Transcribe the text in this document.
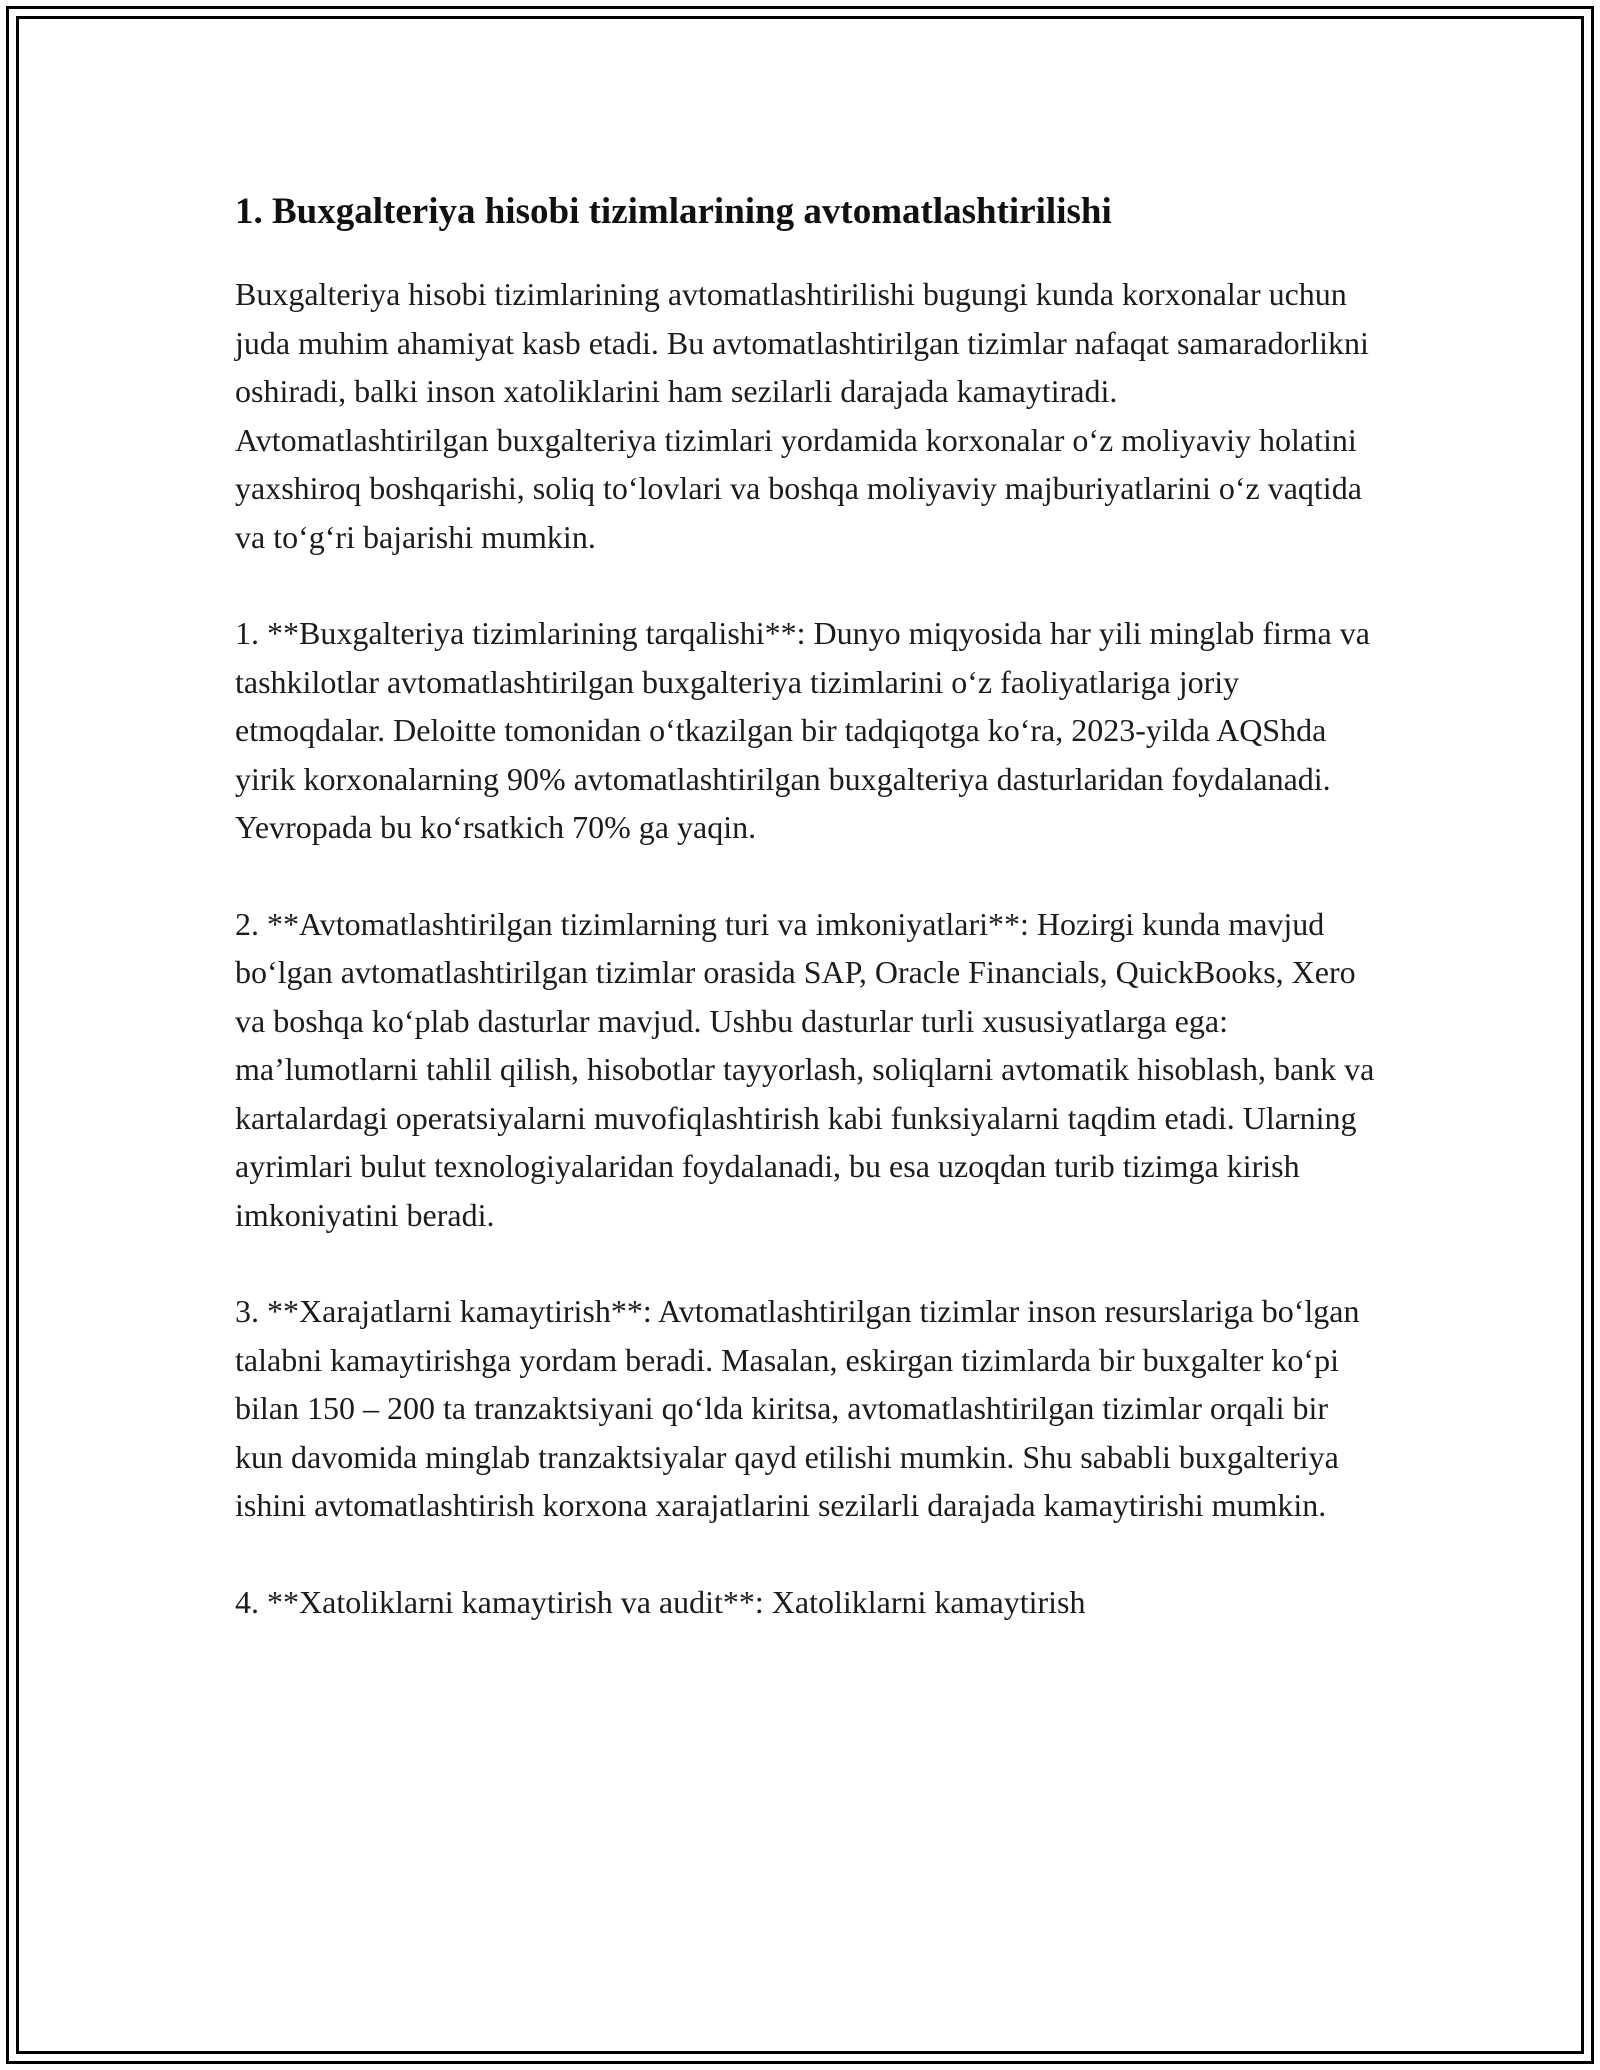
1. Buxgalteriya hisobi tizimlarining avtomatlashtirilishi

Buxgalteriya hisobi tizimlarining avtomatlashtirilishi bugungi kunda korxonalar uchun juda muhim ahamiyat kasb etadi. Bu avtomatlashtirilgan tizimlar nafaqat samaradorlikni oshiradi, balki inson xatoliklarini ham sezilarli darajada kamaytiradi. Avtomatlashtirilgan buxgalteriya tizimlari yordamida korxonalar o‘z moliyaviy holatini yaxshiroq boshqarishi, soliq to‘lovlari va boshqa moliyaviy majburiyatlarini o‘z vaqtida va to‘g‘ri bajarishi mumkin.

1. **Buxgalteriya tizimlarining tarqalishi**: Dunyo miqyosida har yili minglab firma va tashkilotlar avtomatlashtirilgan buxgalteriya tizimlarini o‘z faoliyatlariga joriy etmoqdalar. Deloitte tomonidan o‘tkazilgan bir tadqiqotga ko‘ra, 2023-yilda AQShda yirik korxonalarning 90% avtomatlashtirilgan buxgalteriya dasturlaridan foydalanadi. Yevropada bu ko‘rsatkich 70% ga yaqin.

2. **Avtomatlashtirilgan tizimlarning turi va imkoniyatlari**: Hozirgi kunda mavjud bo‘lgan avtomatlashtirilgan tizimlar orasida SAP, Oracle Financials, QuickBooks, Xero va boshqa ko‘plab dasturlar mavjud. Ushbu dasturlar turli xususiyatlarga ega: ma’lumotlarni tahlil qilish, hisobotlar tayyorlash, soliqlarni avtomatik hisoblash, bank va kartalardagi operatsiyalarni muvofiqlashtirish kabi funksiyalarni taqdim etadi. Ularning ayrimlari bulut texnologiyalaridan foydalanadi, bu esa uzoqdan turib tizimga kirish imkoniyatini beradi.

3. **Xarajatlarni kamaytirish**: Avtomatlashtirilgan tizimlar inson resurslariga bo‘lgan talabni kamaytirishga yordam beradi. Masalan, eskirgan tizimlarda bir buxgalter ko‘pi bilan 150 – 200 ta tranzaktsiyani qo‘lda kiritsa, avtomatlashtirilgan tizimlar orqali bir kun davomida minglab tranzaktsiyalar qayd etilishi mumkin. Shu sababli buxgalteriya ishini avtomatlashtirish korxona xarajatlarini sezilarli darajada kamaytirishi mumkin.

4. **Xatoliklarni kamaytirish va audit**: Xatoliklarni kamaytirish
